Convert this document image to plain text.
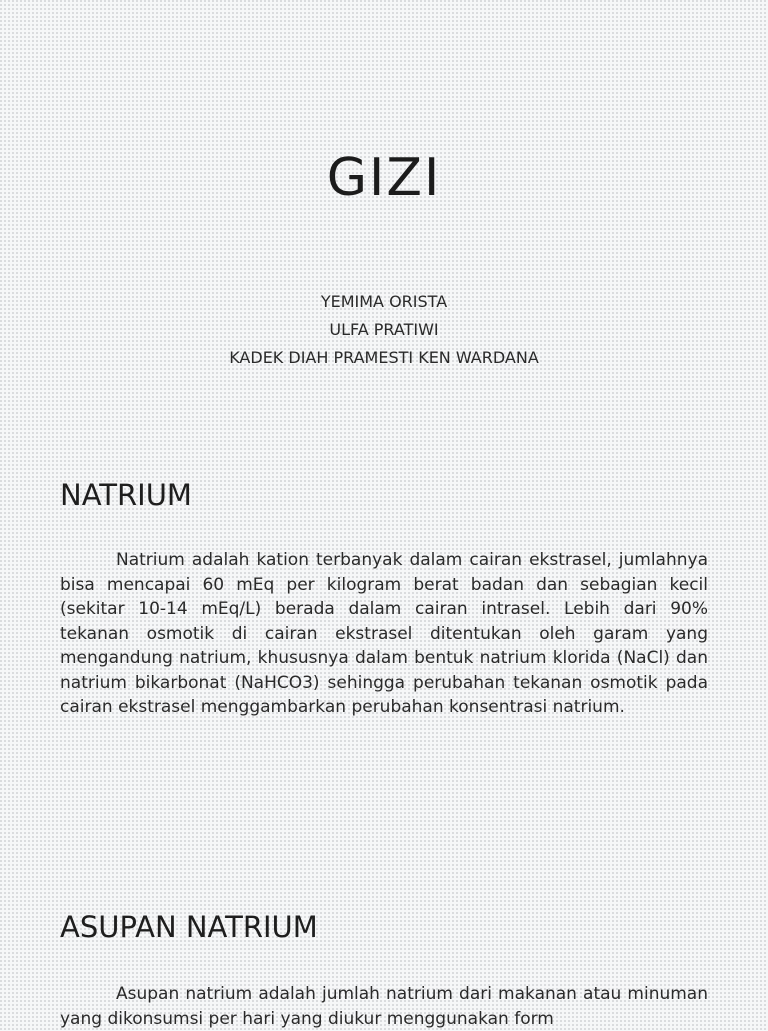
GIZI
YEMIMA ORISTA
ULFA PRATIWI
KADEK DIAH PRAMESTI KEN WARDANA
NATRIUM

Natrium adalah kation terbanyak dalam cairan ekstrasel, jumlahnya bisa mencapai 60 mEq per kilogram berat badan dan sebagian kecil (sekitar 10-14 mEq/L) berada dalam cairan intrasel. Lebih dari 90% tekanan osmotik di cairan ekstrasel ditentukan oleh garam yang mengandung natrium, khususnya dalam bentuk natrium klorida (NaCl) dan natrium bikarbonat (NaHCO3) sehingga perubahan tekanan osmotik pada cairan ekstrasel menggambarkan perubahan konsentrasi natrium.

ASUPAN NATRIUM

Asupan natrium adalah jumlah natrium dari makanan atau minuman yang dikonsumsi per hari yang diukur menggunakan form
